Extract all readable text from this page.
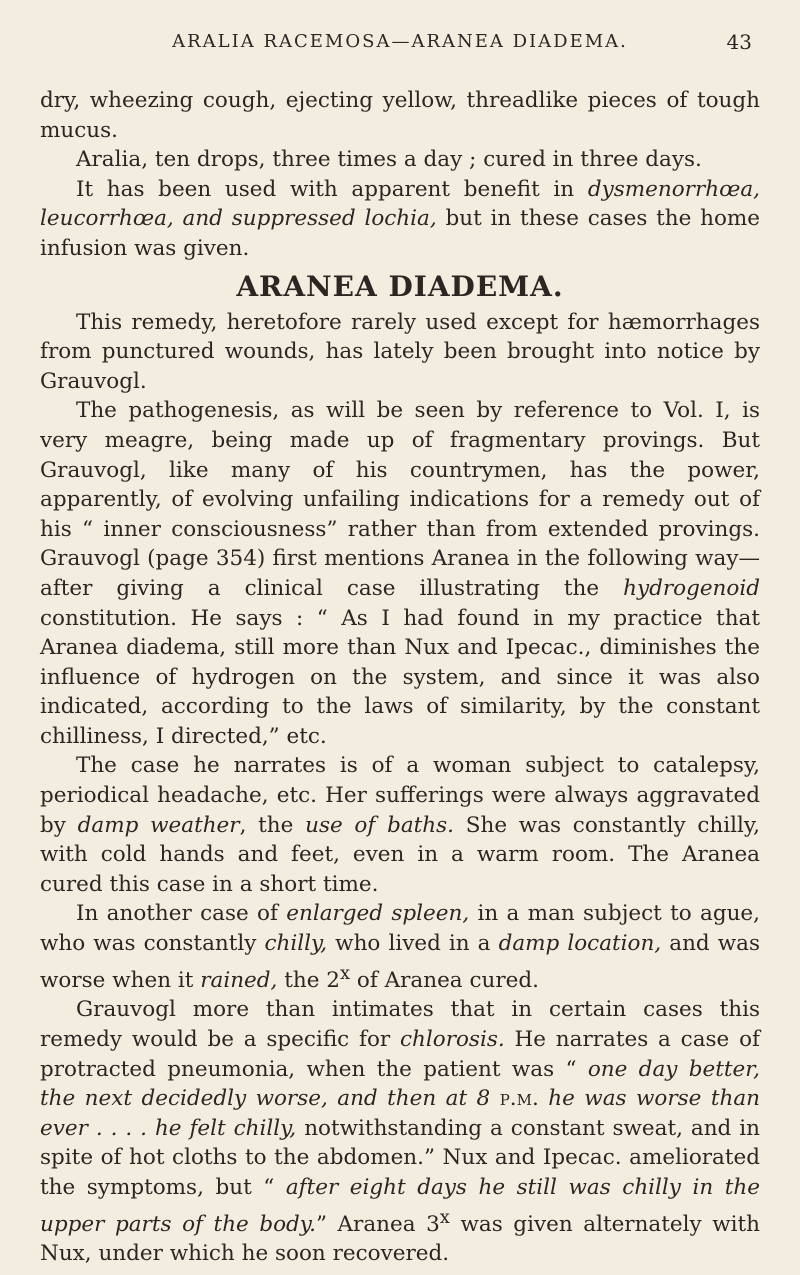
ARALIA RACEMOSA—ARANEA DIADEMA.	43

dry, wheezing cough, ejecting yellow, threadlike pieces of tough mucus.

Aralia, ten drops, three times a day ; cured in three days.

It has been used with apparent benefit in dysmenorrhœa, leucorrhœa, and suppressed lochia, but in these cases the home infusion was given.

ARANEA DIADEMA.

This remedy, heretofore rarely used except for hæmorrhages from punctured wounds, has lately been brought into notice by Grauvogl.

The pathogenesis, as will be seen by reference to Vol. I, is very meagre, being made up of fragmentary provings. But Grauvogl, like many of his countrymen, has the power, apparently, of evolving unfailing indications for a remedy out of his “ inner consciousness” rather than from extended provings. Grauvogl (page 354) first mentions Aranea in the following way—after giving a clinical case illustrating the hydrogenoid constitution. He says : “ As I had found in my practice that Aranea diadema, still more than Nux and Ipecac., diminishes the influence of hydrogen on the system, and since it was also indicated, according to the laws of similarity, by the constant chilliness, I directed,” etc.

The case he narrates is of a woman subject to catalepsy, periodical headache, etc. Her sufferings were always aggravated by damp weather, the use of baths. She was constantly chilly, with cold hands and feet, even in a warm room. The Aranea cured this case in a short time.

In another case of enlarged spleen, in a man subject to ague, who was constantly chilly, who lived in a damp location, and was worse when it rained, the 2$^x$ of Aranea cured.

Grauvogl more than intimates that in certain cases this remedy would be a specific for chlorosis. He narrates a case of protracted pneumonia, when the patient was “ one day better, the next decidedly worse, and then at 8 p.m. he was worse than ever . . . . he felt chilly, notwithstanding a constant sweat, and in spite of hot cloths to the abdomen.” Nux and Ipecac. ameliorated the symptoms, but “ after eight days he still was chilly in the upper parts of the body.” Aranea 3$^x$ was given alternately with Nux, under which he soon recovered.
